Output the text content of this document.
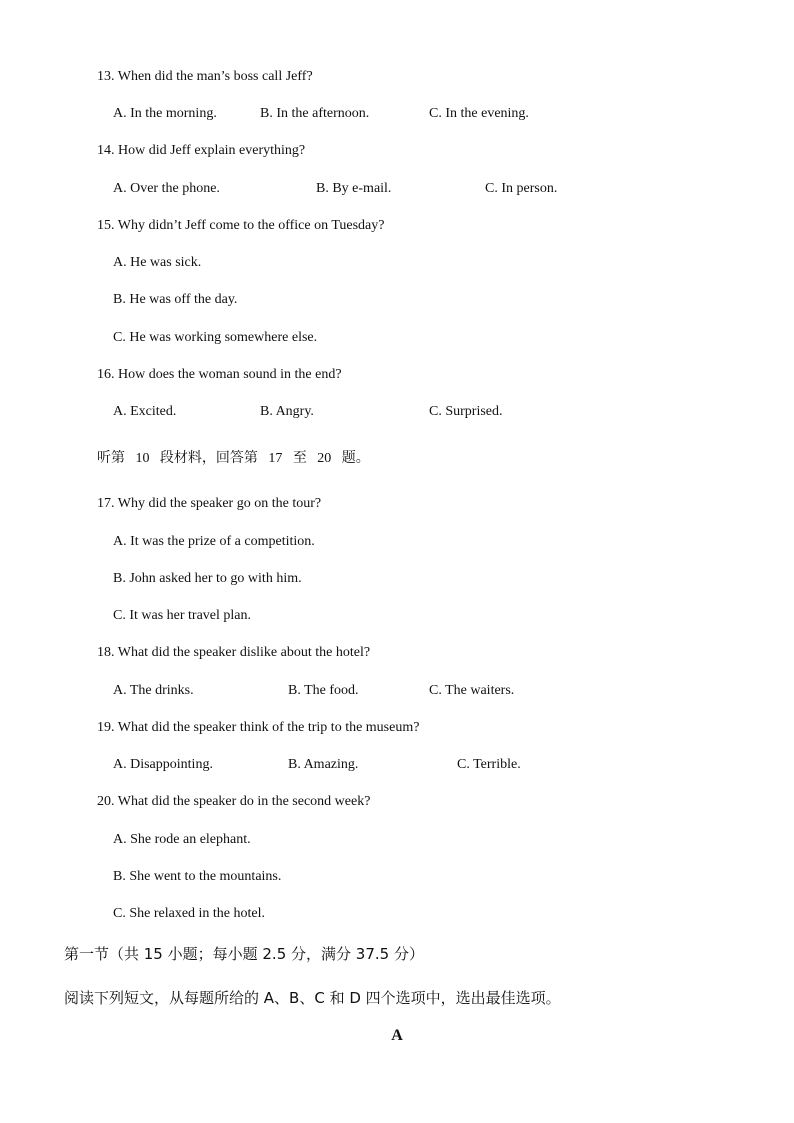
13. When did the man’s boss call Jeff?
A. In the morning.	B. In the afternoon.	C. In the evening.
14. How did Jeff explain everything?
A. Over the phone.	B. By e-mail.	C. In person.
15. Why didn’t Jeff come to the office on Tuesday?
A. He was sick.
B. He was off the day.
C. He was working somewhere else.
16. How does the woman sound in the end?
A. Excited.	B. Angry.	C. Surprised.
听第 10 段材料，回答第 17 至 20 题。
17. Why did the speaker go on the tour?
A. It was the prize of a competition.
B. John asked her to go with him.
C. It was her travel plan.
18. What did the speaker dislike about the hotel?
A. The drinks.	B. The food.	C. The waiters.
19. What did the speaker think of the trip to the museum?
A. Disappointing.	B. Amazing.	C. Terrible.
20. What did the speaker do in the second week?
A. She rode an elephant.
B. She went to the mountains.
C. She relaxed in the hotel.
第一节（共 15 小题；每小题 2.5 分，满分 37.5 分）
阅读下列短文，从每题所给的 A、B、C 和 D 四个选项中，选出最佳选项。
A
